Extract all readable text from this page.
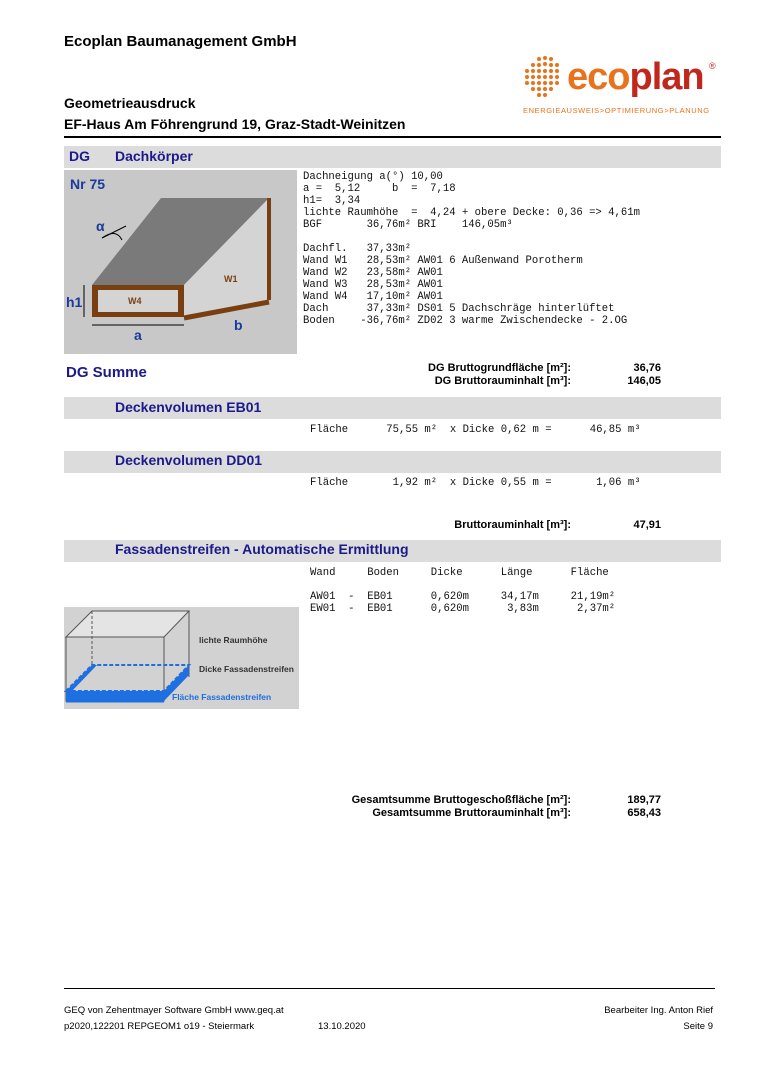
Ecoplan Baumanagement GmbH
ecoplan ®
ENERGIEAUSWEIS>OPTIMIERUNG>PLANUNG
Geometrieausdruck
EF-Haus Am Föhrengrund 19, Graz-Stadt-Weinitzen
DG Dachkörper
Nr 75
α
h1
a
b
W1
W4
Dachneigung a(°) 10,00
a =  5,12     b  =  7,18
h1=  3,34
lichte Raumhöhe  =  4,24 + obere Decke: 0,36 => 4,61m
BGF       36,76m² BRI    146,05m³
Dachfl.   37,33m²
Wand W1   28,53m² AW01 6 Außenwand Porotherm
Wand W2   23,58m² AW01
Wand W3   28,53m² AW01
Wand W4   17,10m² AW01
Dach      37,33m² DS01 5 Dachschräge hinterlüftet
Boden    -36,76m² ZD02 3 warme Zwischendecke - 2.OG
DG Summe	DG Bruttogrundfläche [m²]:	36,76
DG Bruttorauminhalt [m³]:	146,05
Deckenvolumen EB01
Fläche      75,55 m²  x Dicke 0,62 m =      46,85 m³
Deckenvolumen DD01
Fläche       1,92 m²  x Dicke 0,55 m =       1,06 m³
Bruttorauminhalt [m³]:	47,91
Fassadenstreifen - Automatische Ermittlung
Wand     Boden     Dicke      Länge      Fläche
AW01  -  EB01      0,620m     34,17m     21,19m²
EW01  -  EB01      0,620m      3,83m      2,37m²
lichte Raumhöhe
Dicke Fassadenstreifen
Fläche Fassadenstreifen
Gesamtsumme Bruttogeschoßfläche [m²]:	189,77
Gesamtsumme Bruttorauminhalt [m³]:	658,43
GEQ von Zehentmayer Software GmbH www.geq.at
p2020,122201 REPGEOM1 o19 - Steiermark	13.10.2020
Bearbeiter Ing. Anton Rief
Seite 9
